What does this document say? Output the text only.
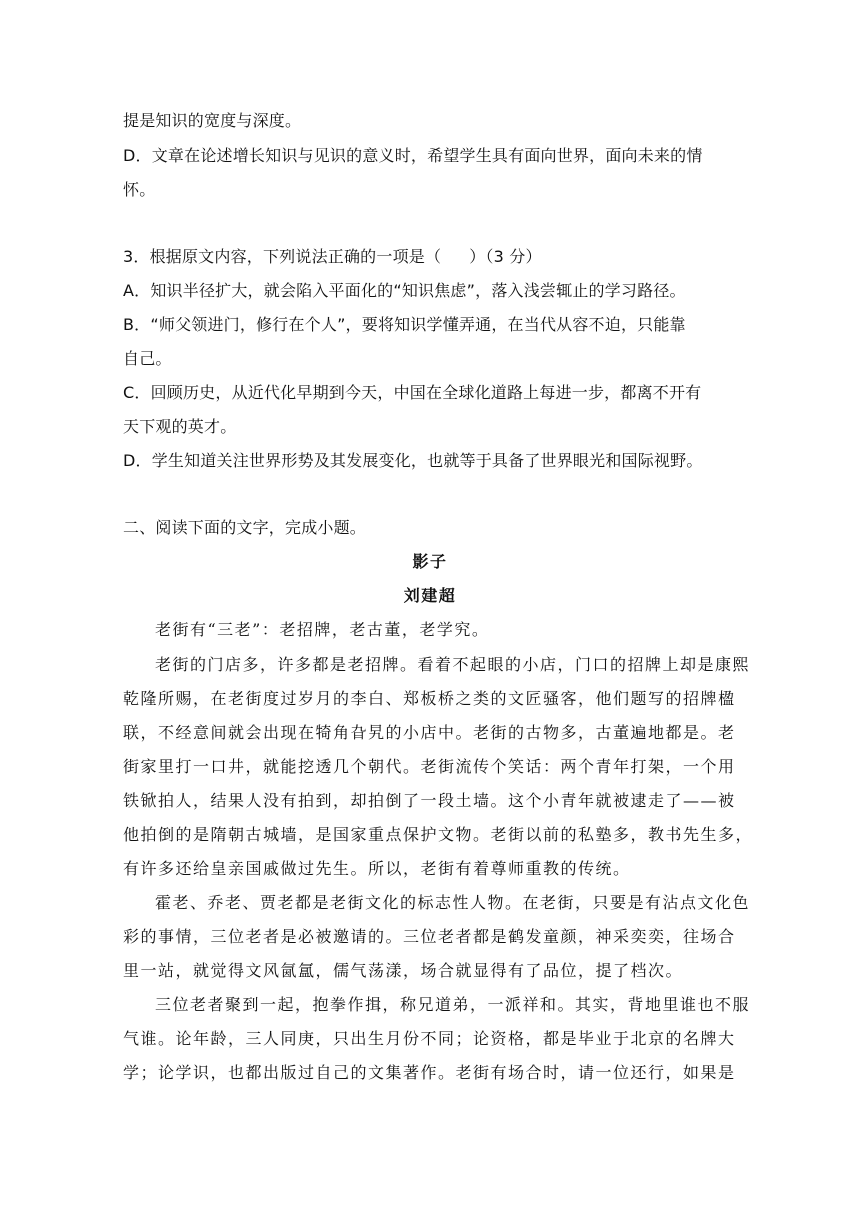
提是知识的宽度与深度。
D．文章在论述增长知识与见识的意义时，希望学生具有面向世界，面向未来的情
怀。
3．根据原文内容，下列说法正确的一项是（ ）（3 分）
A．知识半径扩大，就会陷入平面化的“知识焦虑”，落入浅尝辄止的学习路径。
B．“师父领进门，修行在个人”，要将知识学懂弄通，在当代从容不迫，只能靠
自己。
C．回顾历史，从近代化早期到今天，中国在全球化道路上每进一步，都离不开有
天下观的英才。
D．学生知道关注世界形势及其发展变化，也就等于具备了世界眼光和国际视野。
二、阅读下面的文字，完成小题。
影子
刘建超
老街有“三老”：老招牌，老古董，老学究。
老街的门店多，许多都是老招牌。看着不起眼的小店，门口的招牌上却是康熙
乾隆所赐，在老街度过岁月的李白、郑板桥之类的文匠骚客，他们题写的招牌楹
联，不经意间就会出现在犄角旮旯的小店中。老街的古物多，古董遍地都是。老
街家里打一口井，就能挖透几个朝代。老街流传个笑话：两个青年打架，一个用
铁锨拍人，结果人没有拍到，却拍倒了一段土墙。这个小青年就被逮走了——被
他拍倒的是隋朝古城墙，是国家重点保护文物。老街以前的私塾多，教书先生多，
有许多还给皇亲国戚做过先生。所以，老街有着尊师重教的传统。
霍老、乔老、贾老都是老街文化的标志性人物。在老街，只要是有沾点文化色
彩的事情，三位老者是必被邀请的。三位老者都是鹤发童颜，神采奕奕，往场合
里一站，就觉得文风氤氲，儒气荡漾，场合就显得有了品位，提了档次。
三位老者聚到一起，抱拳作揖，称兄道弟，一派祥和。其实，背地里谁也不服
气谁。论年龄，三人同庚，只出生月份不同；论资格，都是毕业于北京的名牌大
学；论学识，也都出版过自己的文集著作。老街有场合时，请一位还行，如果是
